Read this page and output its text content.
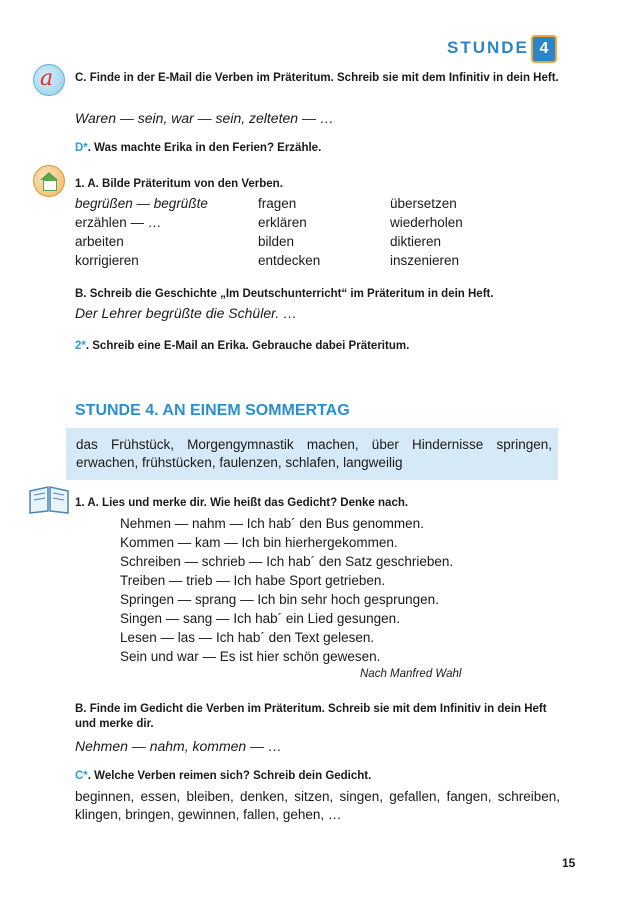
STUNDE 4
a C. Finde in der E-Mail die Verben im Präteritum. Schreib sie mit dem Infinitiv in dein Heft.
Waren — sein, war — sein, zelteten — …
D*. Was machte Erika in den Ferien? Erzähle.
1. A. Bilde Präteritum von den Verben.
begrüßen — begrüßte	fragen	übersetzen
erzählen — …	erklären	wiederholen
arbeiten	bilden	diktieren
korrigieren	entdecken	inszenieren
B. Schreib die Geschichte „Im Deutschunterricht“ im Präteritum in dein Heft.
Der Lehrer begrüßte die Schüler. …
2*. Schreib eine E-Mail an Erika. Gebrauche dabei Präteritum.
STUNDE 4. AN EINEM SOMMERTAG
das Frühstück, Morgengymnastik machen, über Hindernisse springen, erwachen, frühstücken, faulenzen, schlafen, langweilig
1. A. Lies und merke dir. Wie heißt das Gedicht? Denke nach.
Nehmen — nahm — Ich hab´ den Bus genommen.
Kommen — kam — Ich bin hierhergekommen.
Schreiben — schrieb — Ich hab´ den Satz geschrieben.
Treiben — trieb — Ich habe Sport getrieben.
Springen — sprang — Ich bin sehr hoch gesprungen.
Singen — sang — Ich hab´ ein Lied gesungen.
Lesen — las — Ich hab´ den Text gelesen.
Sein und war — Es ist hier schön gewesen.
Nach Manfred Wahl
B. Finde im Gedicht die Verben im Präteritum. Schreib sie mit dem Infinitiv in dein Heft und merke dir.
Nehmen — nahm, kommen — …
C*. Welche Verben reimen sich? Schreib dein Gedicht.
beginnen, essen, bleiben, denken, sitzen, singen, gefallen, fangen, schreiben, klingen, bringen, gewinnen, fallen, gehen, …
15
